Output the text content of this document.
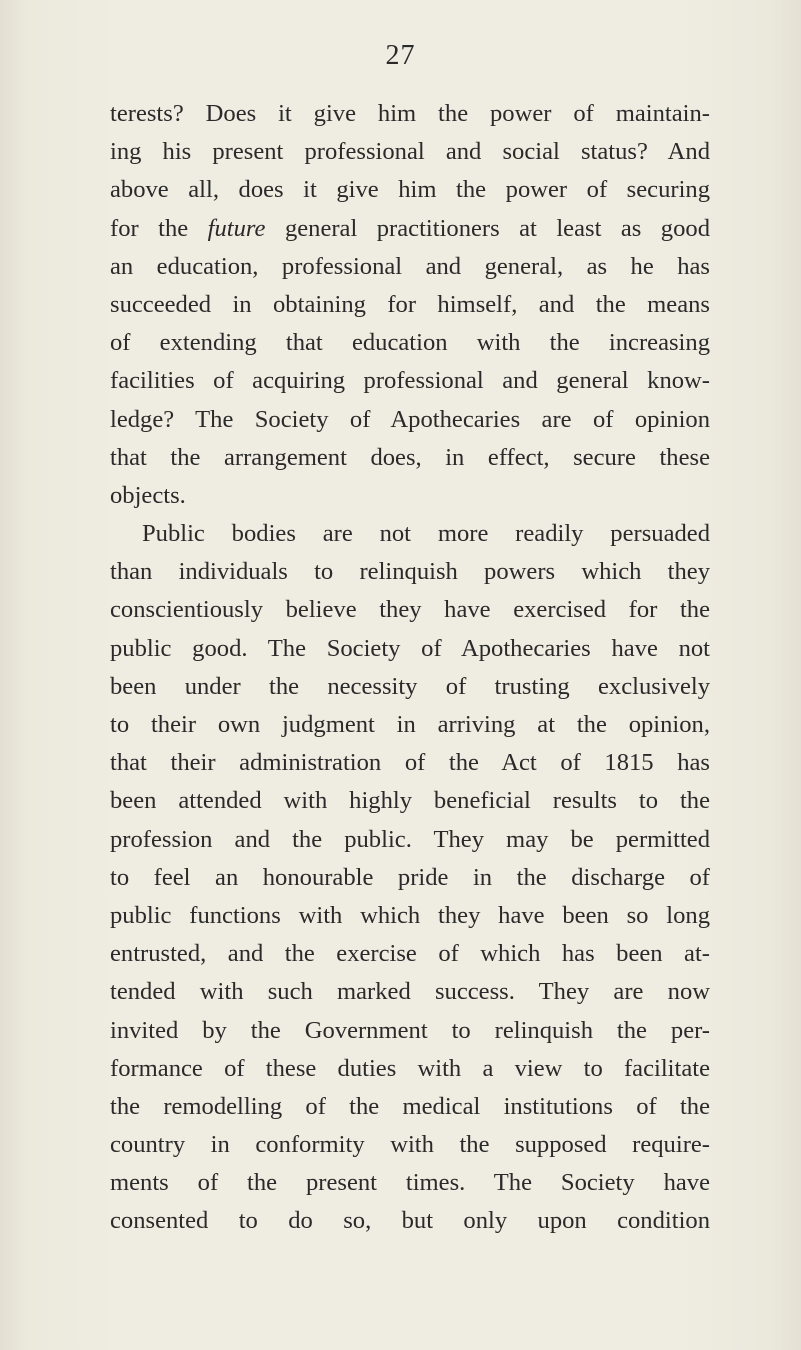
27
terests? Does it give him the power of maintain-
ing his present professional and social status? And
above all, does it give him the power of securing
for the future general practitioners at least as good
an education, professional and general, as he has
succeeded in obtaining for himself, and the means
of extending that education with the increasing
facilities of acquiring professional and general know-
ledge? The Society of Apothecaries are of opinion
that the arrangement does, in effect, secure these
objects.
Public bodies are not more readily persuaded
than individuals to relinquish powers which they
conscientiously believe they have exercised for the
public good. The Society of Apothecaries have not
been under the necessity of trusting exclusively
to their own judgment in arriving at the opinion,
that their administration of the Act of 1815 has
been attended with highly beneficial results to the
profession and the public. They may be permitted
to feel an honourable pride in the discharge of
public functions with which they have been so long
entrusted, and the exercise of which has been at-
tended with such marked success. They are now
invited by the Government to relinquish the per-
formance of these duties with a view to facilitate
the remodelling of the medical institutions of the
country in conformity with the supposed require-
ments of the present times. The Society have
consented to do so, but only upon condition
